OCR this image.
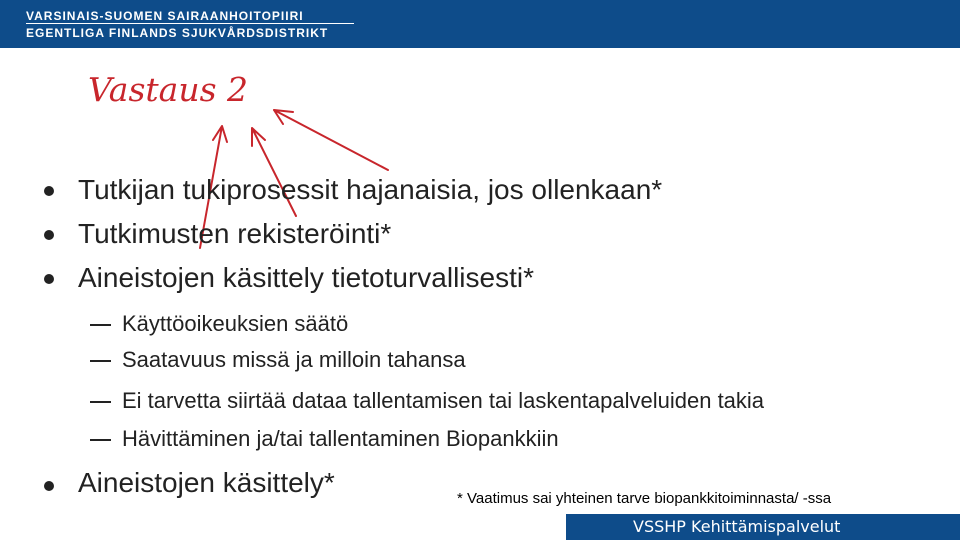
VARSINAIS-SUOMEN SAIRAANHOITOPIIRI
EGENTLIGA FINLANDS SJUKVÅRDSDISTRIKT
Vastaus 2
Tutkijan tukiprosessit hajanaisia, jos ollenkaan*
Tutkimusten rekisteröinti*
Aineistojen käsittely tietoturvallisesti*
Käyttöoikeuksien säätö
Saatavuus missä ja milloin tahansa
Ei tarvetta siirtää dataa tallentamisen tai laskentapalveluiden takia
Hävittäminen ja/tai tallentaminen Biopankkiin
Aineistojen käsittely*
* Vaatimus sai yhteinen tarve biopankkitoiminnasta/ -ssa
VSSHP Kehittämispalvelut
